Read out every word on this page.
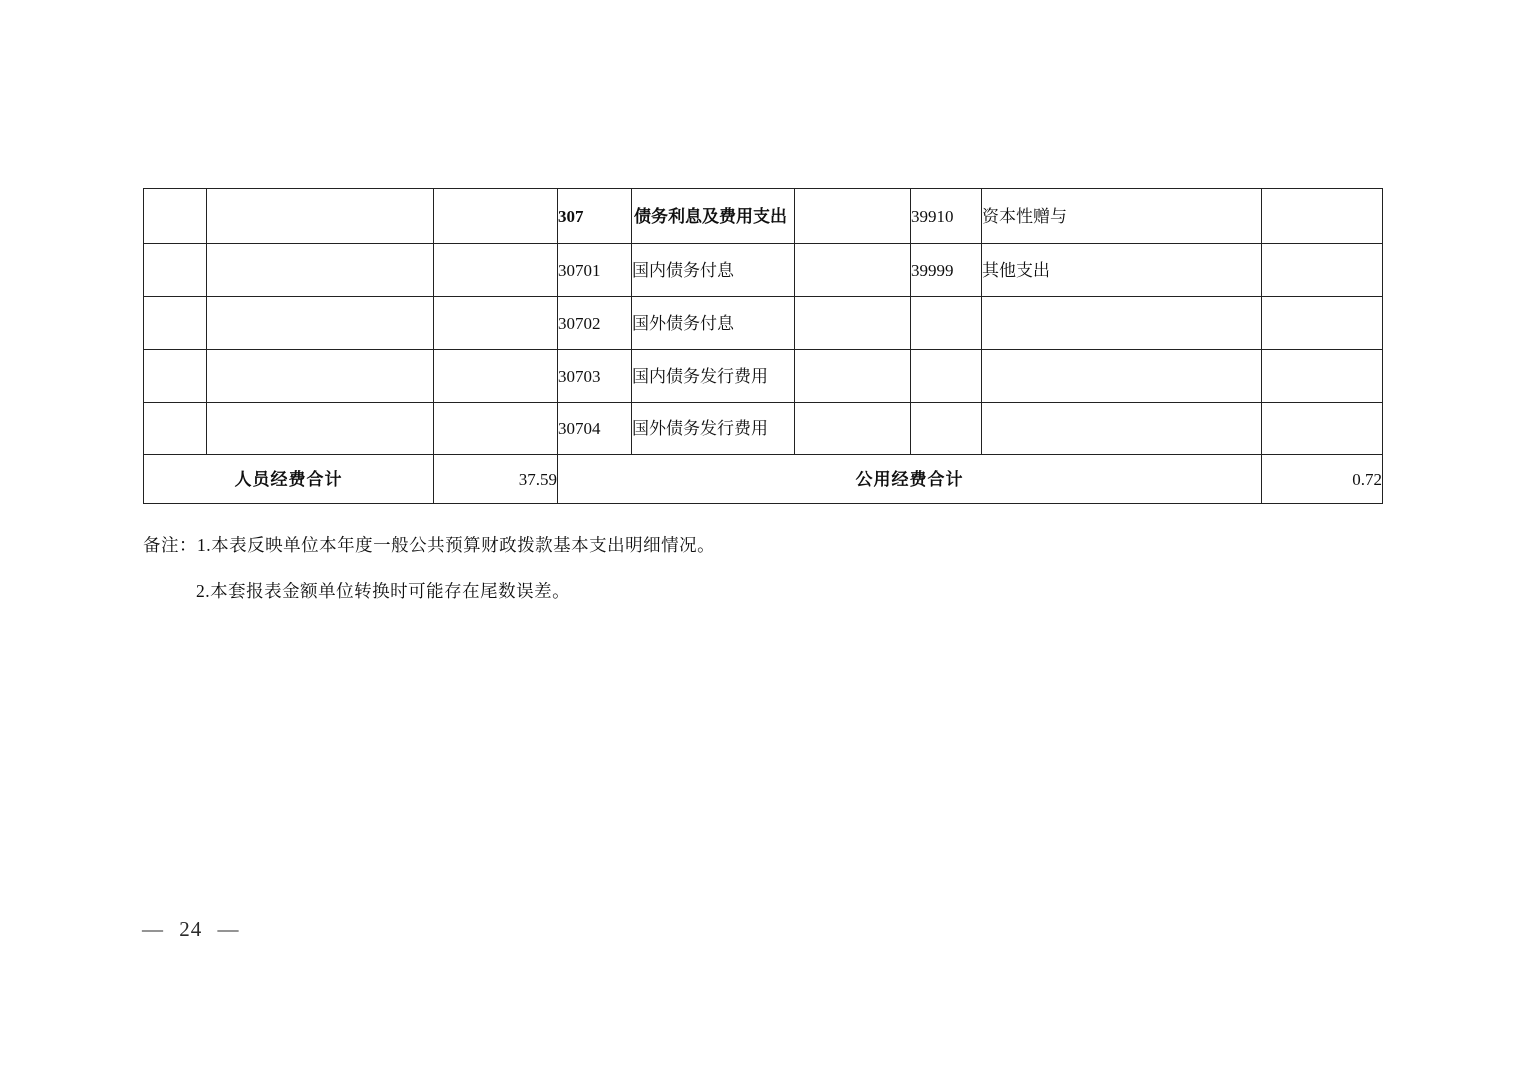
			307	债务利息及费用支出		39910	资本性赠与	
			30701	国内债务付息		39999	其他支出	
			30702	国外债务付息				
			30703	国内债务发行费用				
			30704	国外债务发行费用				
人员经费合计		37.59	公用经费合计					0.72
备注：1.本表反映单位本年度一般公共预算财政拨款基本支出明细情况。
2.本套报表金额单位转换时可能存在尾数误差。
— 24 —
